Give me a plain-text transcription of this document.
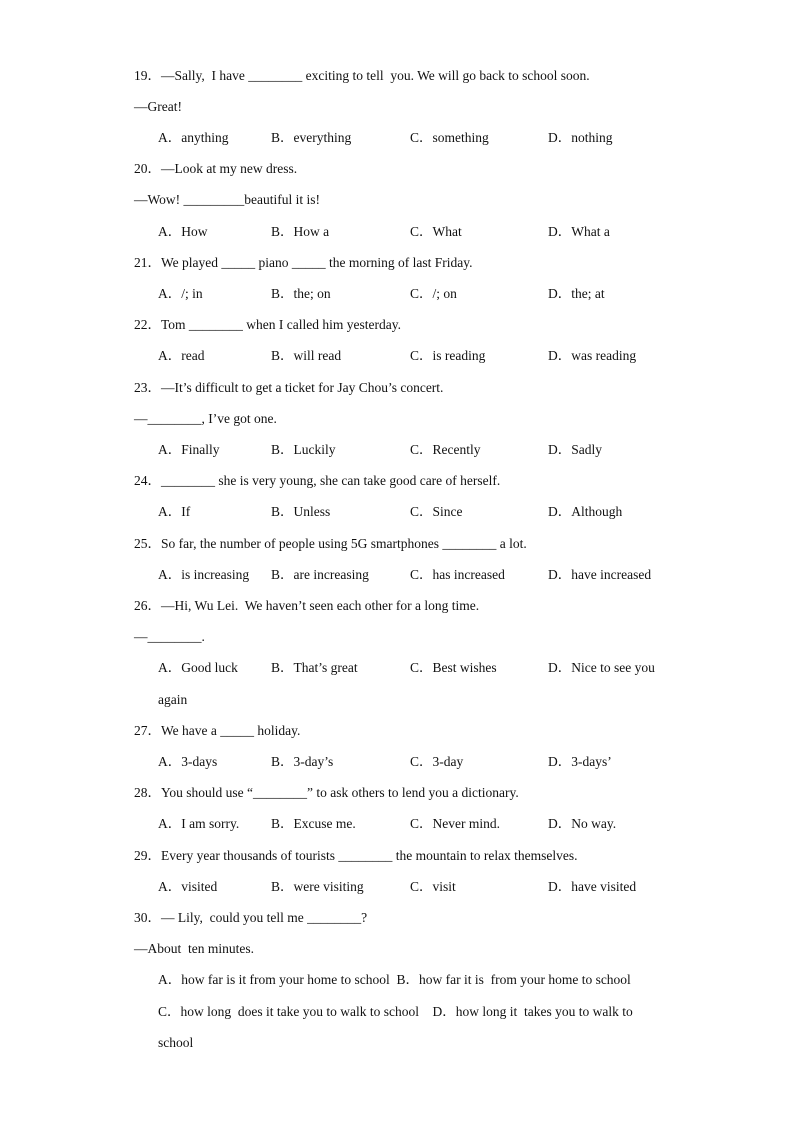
19．—Sally,  I have ________ exciting to tell  you. We will go back to school soon.
—Great!

A．anything

	B．everything

	C．something

	D．nothing

20．—Look at my new dress.
—Wow! _________beautiful it is!

A．How

	B．How a

	C．What

	D．What a

21．We played _____ piano _____ the morning of last Friday.

A．/; in

	B．the; on

	C．/; on

	D．the; at

22．Tom ________ when I called him yesterday.

A．read

	B．will read

	C．is reading

	D．was reading

23．—It’s difficult to get a ticket for Jay Chou’s concert.
—________, I’ve got one.

A．Finally

	B．Luckily

	C．Recently

	D．Sadly

24．________ she is very young, she can take good care of herself.

A．If

	B．Unless

	C．Since

	D．Although

25．So far, the number of people using 5G smartphones ________ a lot.

A．is increasing

B．are increasing

	C．has increased

	D．have increased

26．—Hi, Wu Lei.  We haven’t seen each other for a long time.
—________.

A．Good luck

B．That’s great

	C．Best wishes

	D．Nice to see you

again
27．We have a _____ holiday.

A．3-days

	B．3-day’s

	C．3-day

	D．3-days’

28．You should use “________” to ask others to lend you a dictionary.

A．I am sorry.

B．Excuse me.

	C．Never mind.

	D．No way.

29．Every year thousands of tourists ________ the mountain to relax themselves.

A．visited

	B．were visiting

	C．visit

	D．have visited

30．— Lily,  could you tell me ________?
—About  ten minutes.
A．how far is it from your home to school  B．how far it is  from your home to school
C．how long  does it take you to walk to school    D．how long it  takes you to walk to
school
